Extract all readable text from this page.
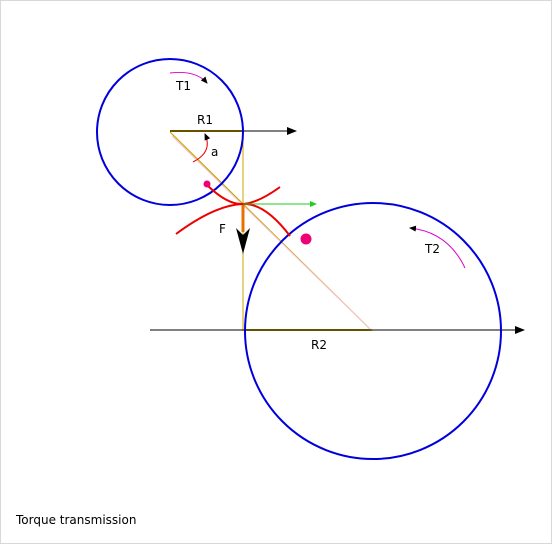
T1
R1
a
F
T2
R2
Torque transmission
